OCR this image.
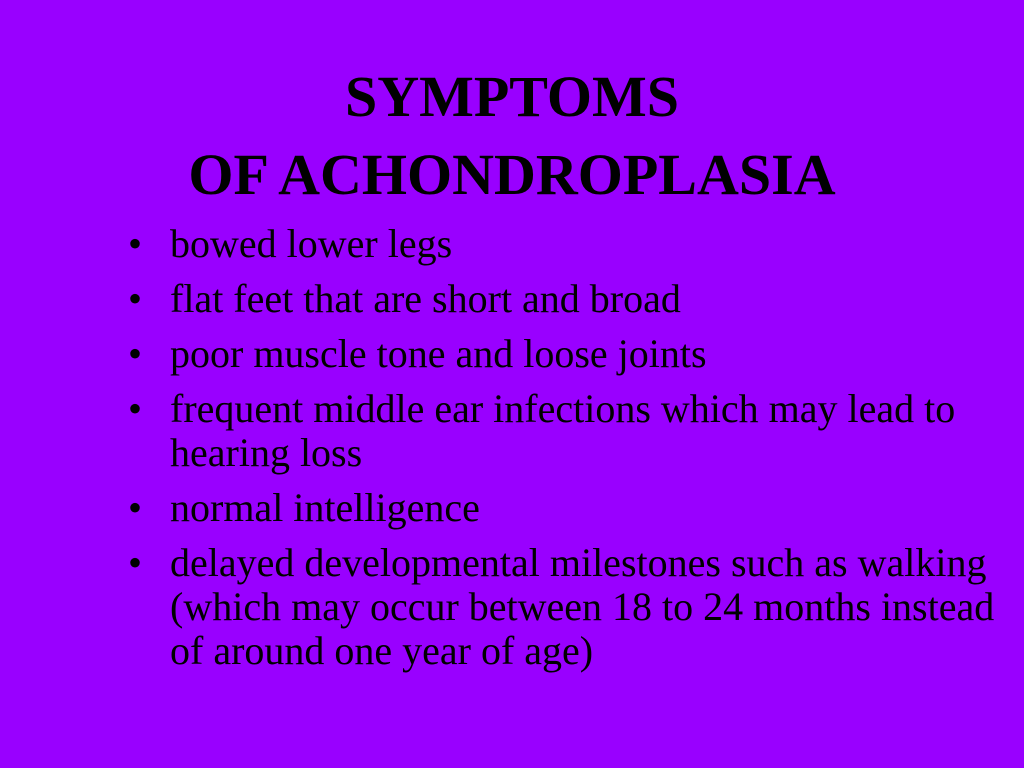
SYMPTOMS
OF ACHONDROPLASIA
• bowed lower legs
• flat feet that are short and broad
• poor muscle tone and loose joints
• frequent middle ear infections which may lead to hearing loss
• normal intelligence
• delayed developmental milestones such as walking (which may occur between 18 to 24 months instead of around one year of age)
